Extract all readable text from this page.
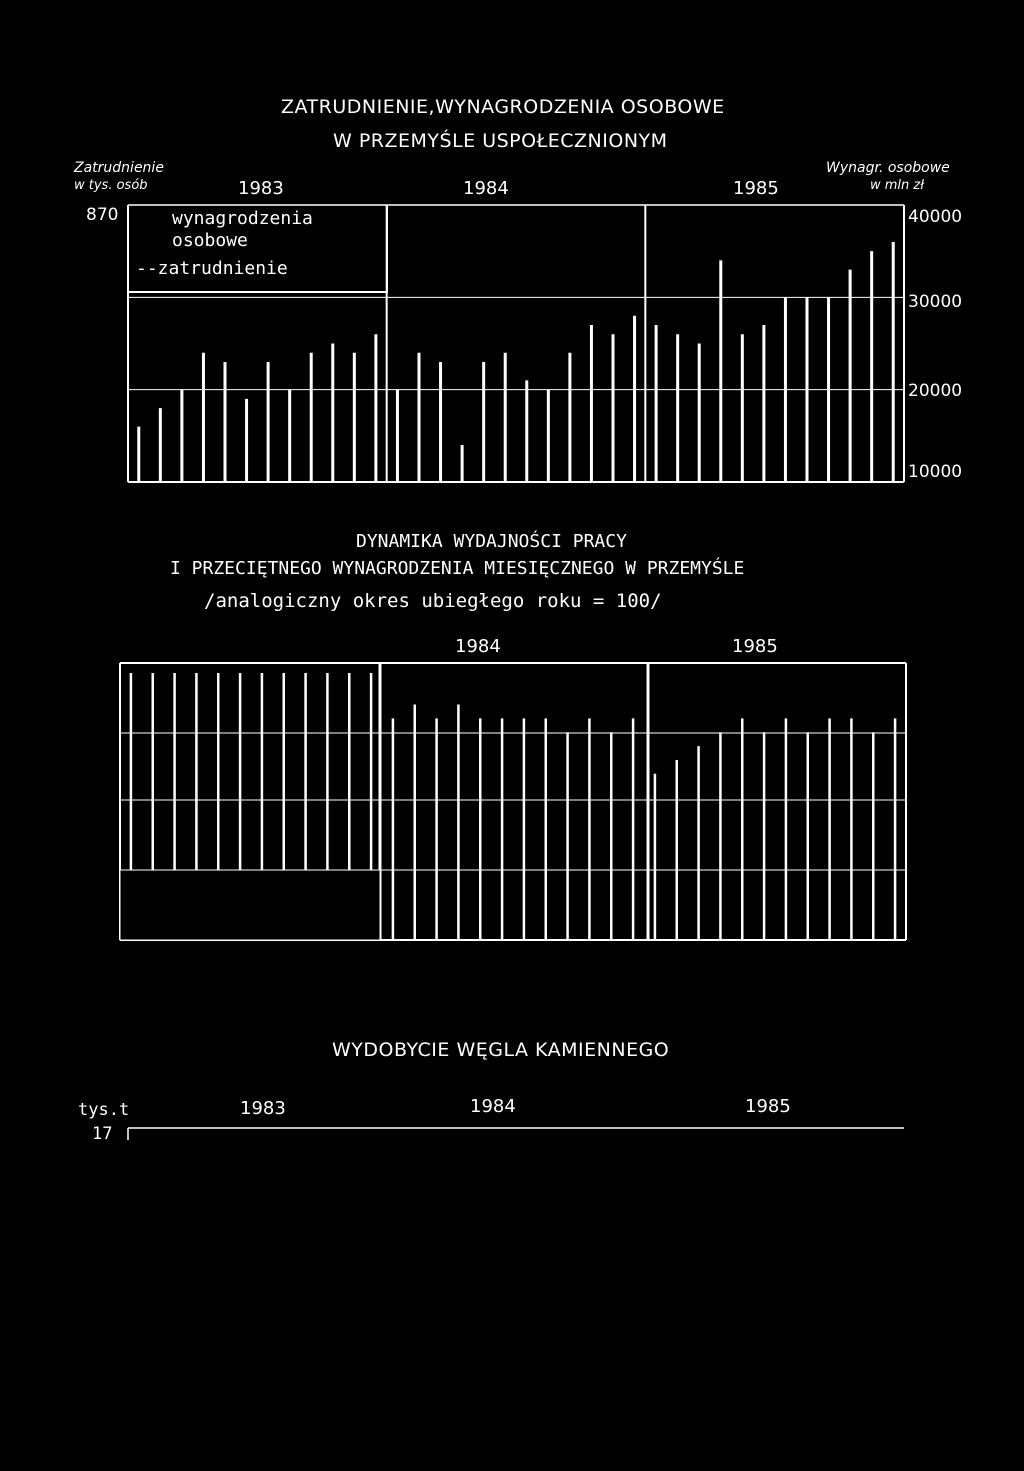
ZATRUDNIENIE,WYNAGRODZENIA OSOBOWE
W PRZEMYŚLE USPOŁECZNIONYM
Zatrudnienie
w tys. osób
Wynagr. osobowe
w mln zł
1983	1984	1985
870	40000
30000
20000
10000
wynagrodzenia
osobowe
--zatrudnienie
DYNAMIKA WYDAJNOŚCI PRACY
I PRZECIĘTNEGO WYNAGRODZENIA MIESIĘCZNEGO W PRZEMYŚLE
/analogiczny okres ubiegłego roku = 100/
1984	1985
WYDOBYCIE WĘGLA KAMIENNEGO
tys.t
17
1983	1984	1985
